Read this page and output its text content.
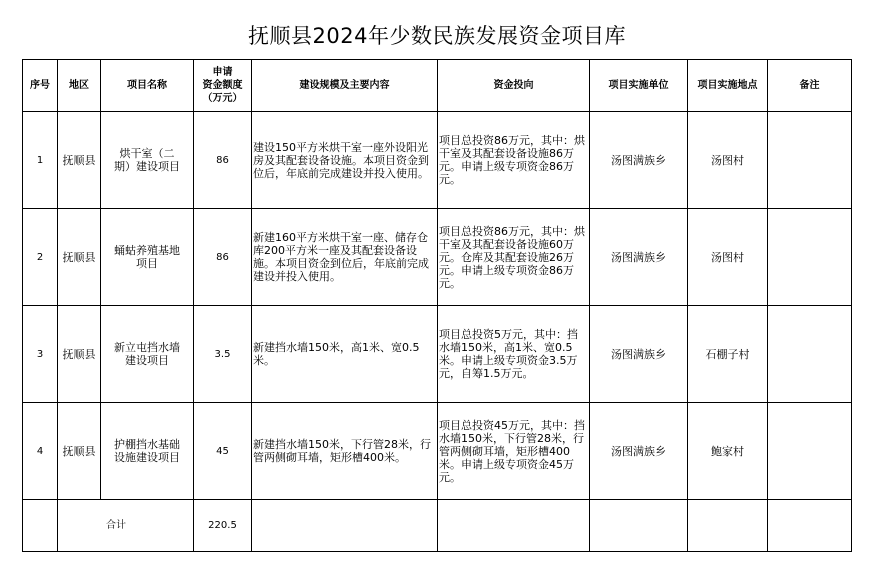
抚顺县2024年少数民族发展资金项目库
序号	地区	项目名称	申请
资金额度
（万元）	建设规模及主要内容	资金投向	项目实施单位	项目实施地点	备注
1	抚顺县	烘干室（二
期）建设项目	86	建设150平方米烘干室一座外设阳光房及其配套设备设施。本项目资金到位后，年底前完成建设并投入使用。	项目总投资86万元，其中：烘干室及其配套设备设施86万元。申请上级专项资金86万元。	汤图满族乡	汤图村	
2	抚顺县	蛹蛄养殖基地
项目	86	新建160平方米烘干室一座、储存仓库200平方米一座及其配套设备设施。本项目资金到位后，年底前完成建设并投入使用。	项目总投资86万元，其中：烘干室及其配套设备设施60万元。仓库及其配套设施26万元。申请上级专项资金86万元。	汤图满族乡	汤图村	
3	抚顺县	新立屯挡水墙
建设项目	3.5	新建挡水墙150米，高1米、宽0.5米。	项目总投资5万元，其中：挡水墙150米，高1米、宽0.5米。申请上级专项资金3.5万元，自筹1.5万元。	汤图满族乡	石棚子村	
4	抚顺县	护棚挡水基础
设施建设项目	45	新建挡水墙150米，下行管28米，行管两侧砌耳墙，矩形槽400米。	项目总投资45万元，其中：挡水墙150米，下行管28米，行管两侧砌耳墙，矩形槽400米。申请上级专项资金45万元。	汤图满族乡	鲍家村	
	合计		220.5					
